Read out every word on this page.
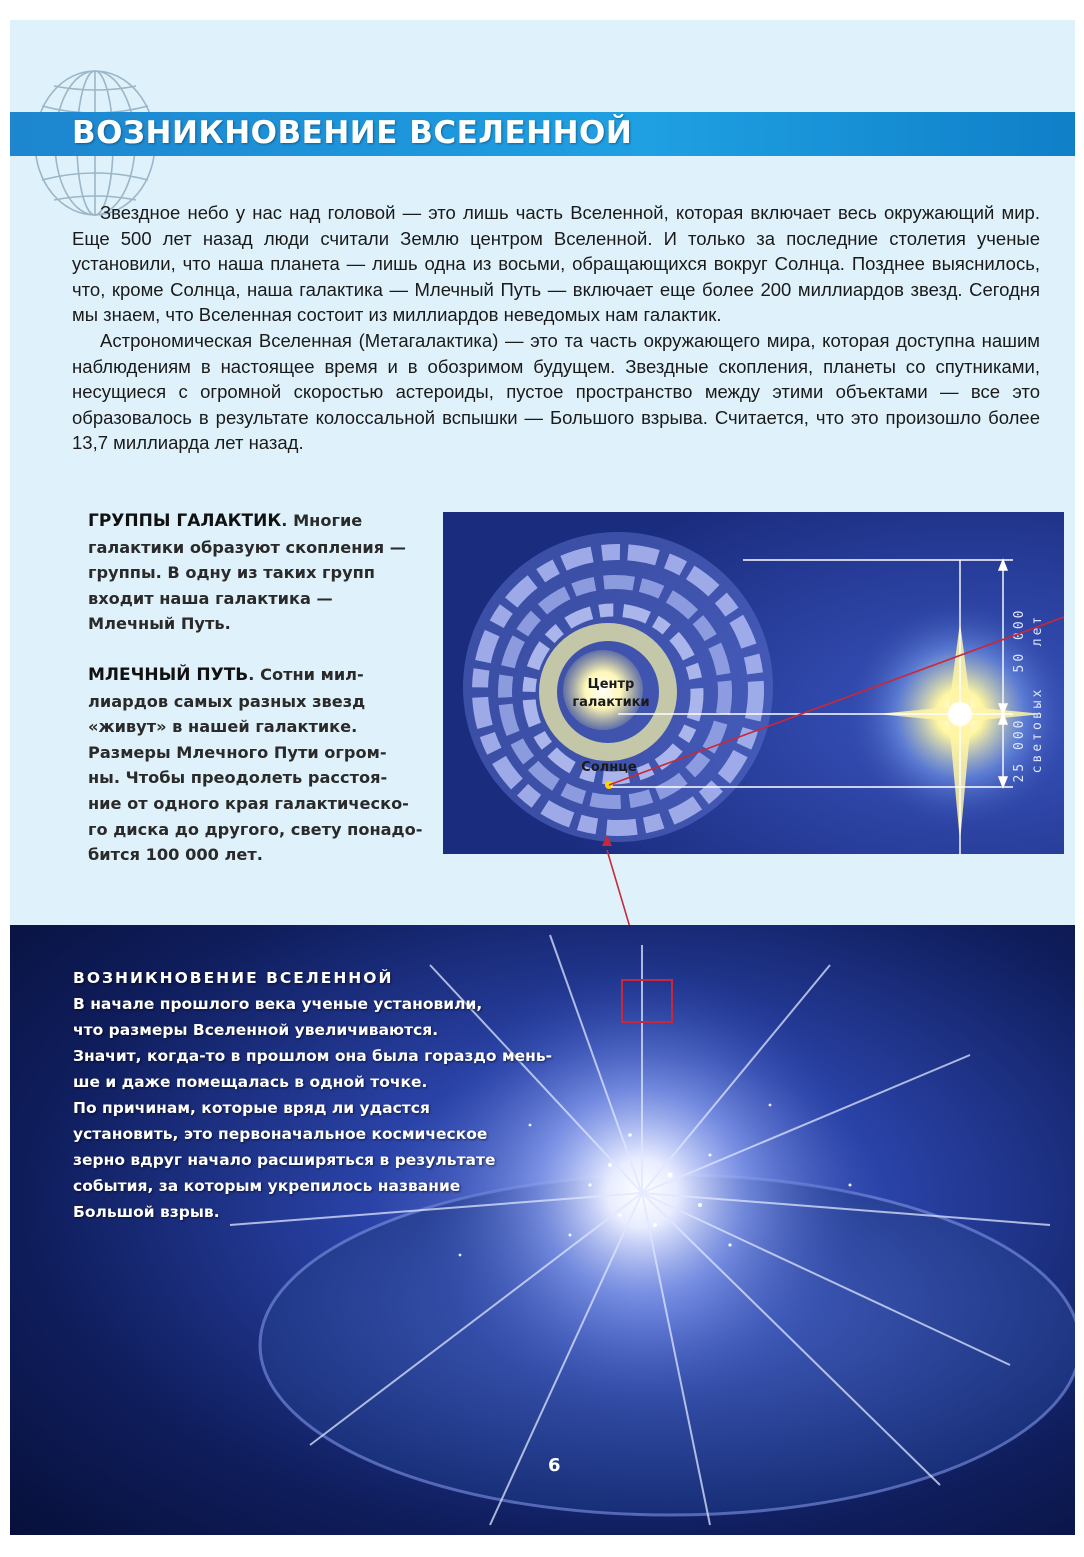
ВОЗНИКНОВЕНИЕ ВСЕЛЕННОЙ

Звездное небо у нас над головой — это лишь часть Вселенной, которая включает весь окружающий мир. Еще 500 лет назад люди считали Землю центром Вселенной. И только за последние столетия ученые установили, что наша планета — лишь одна из восьми, обращающихся вокруг Солнца. Позднее выяснилось, что, кроме Солнца, наша галактика — Млечный Путь — включает еще более 200 миллиардов звезд. Сегодня мы знаем, что Вселенная состоит из миллиардов неведомых нам галактик.

Астрономическая Вселенная (Метагалактика) — это та часть окружающего мира, которая доступна нашим наблюдениям в настоящее время и в обозримом будущем. Звездные скопления, планеты со спутниками, несущиеся с огромной скоростью астероиды, пустое пространство между этими объектами — все это образовалось в результате колоссальной вспышки — Большого взрыва. Считается, что это произошло более 13,7 миллиарда лет назад.

ГРУППЫ ГАЛАКТИК. Многие
галактики образуют скопления —
группы. В одну из таких групп
входит наша галактика —
Млечный Путь.
МЛЕЧНЫЙ ПУТЬ. Сотни мил-
лиардов самых разных звезд
«живут» в нашей галактике.
Размеры Млечного Пути огром-
ны. Чтобы преодолеть расстоя-
ние от одного края галактическо-
го диска до другого, свету понадо-
бится 100 000 лет.
Центр
галактики
Солнце
50 000
25 000 световых
лет
ВОЗНИКНОВЕНИЕ ВСЕЛЕННОЙ
В начале прошлого века ученые установили,
что размеры Вселенной увеличиваются.
Значит, когда-то в прошлом она была гораздо мень-
ше и даже помещалась в одной точке.
По причинам, которые вряд ли удастся
установить, это первоначальное космическое
зерно вдруг начало расширяться в результате
события, за которым укрепилось название
Большой взрыв.
6
